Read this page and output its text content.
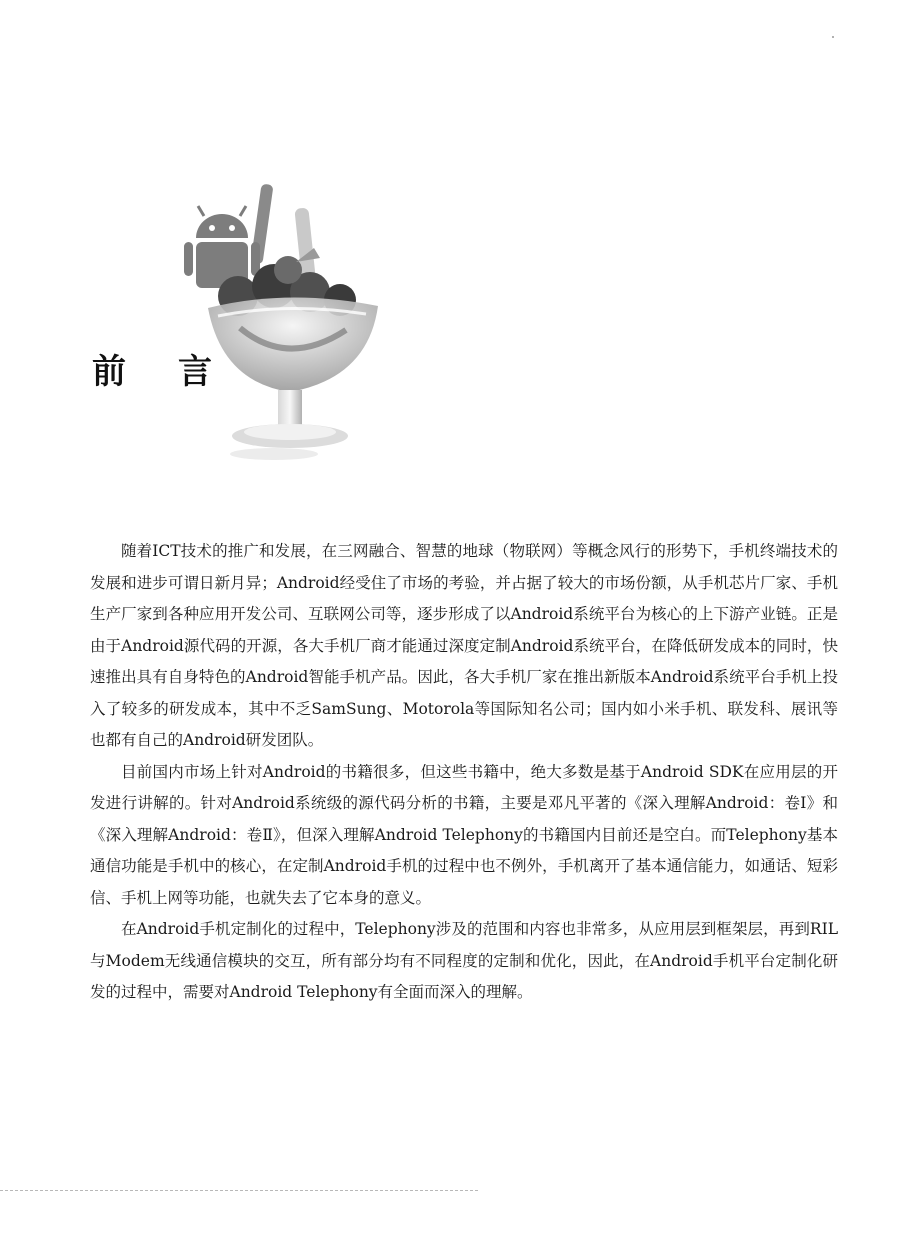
前言

随着ICT技术的推广和发展，在三网融合、智慧的地球（物联网）等概念风行的形势下，手机终端技术的发展和进步可谓日新月异；Android经受住了市场的考验，并占据了较大的市场份额，从手机芯片厂家、手机生产厂家到各种应用开发公司、互联网公司等，逐步形成了以Android系统平台为核心的上下游产业链。正是由于Android源代码的开源，各大手机厂商才能通过深度定制Android系统平台，在降低研发成本的同时，快速推出具有自身特色的Android智能手机产品。因此，各大手机厂家在推出新版本Android系统平台手机上投入了较多的研发成本，其中不乏SamSung、Motorola等国际知名公司；国内如小米手机、联发科、展讯等也都有自己的Android研发团队。

目前国内市场上针对Android的书籍很多，但这些书籍中，绝大多数是基于Android SDK在应用层的开发进行讲解的。针对Android系统级的源代码分析的书籍，主要是邓凡平著的《深入理解Android：卷Ⅰ》和《深入理解Android：卷Ⅱ》，但深入理解Android Telephony的书籍国内目前还是空白。而Telephony基本通信功能是手机中的核心，在定制Android手机的过程中也不例外，手机离开了基本通信能力，如通话、短彩信、手机上网等功能，也就失去了它本身的意义。

在Android手机定制化的过程中，Telephony涉及的范围和内容也非常多，从应用层到框架层，再到RIL与Modem无线通信模块的交互，所有部分均有不同程度的定制和优化，因此，在Android手机平台定制化研发的过程中，需要对Android Telephony有全面而深入的理解。
